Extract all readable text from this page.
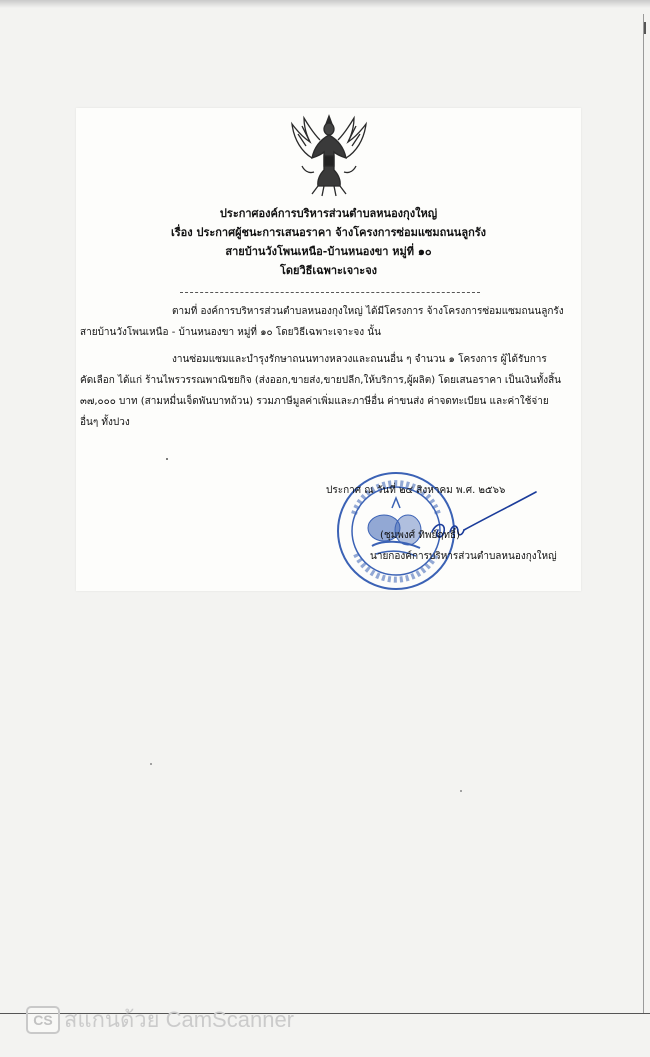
ประกาศองค์การบริหารส่วนตำบลหนองกุงใหญ่
เรื่อง ประกาศผู้ชนะการเสนอราคา จ้างโครงการซ่อมแซมถนนลูกรัง
สายบ้านวังโพนเหนือ-บ้านหนองขา หมู่ที่ ๑๐
โดยวิธีเฉพาะเจาะจง
ตามที่ องค์การบริหารส่วนตำบลหนองกุงใหญ่ ได้มีโครงการ จ้างโครงการซ่อมแซมถนนลูกรัง
สายบ้านวังโพนเหนือ - บ้านหนองขา หมู่ที่ ๑๐ โดยวิธีเฉพาะเจาะจง นั้น
งานซ่อมแซมและบำรุงรักษาถนนทางหลวงและถนนอื่น ๆ จำนวน ๑ โครงการ ผู้ได้รับการ
คัดเลือก ได้แก่ ร้านไพรวรรณพาณิชยกิจ (ส่งออก,ขายส่ง,ขายปลีก,ให้บริการ,ผู้ผลิต) โดยเสนอราคา เป็นเงินทั้งสิ้น
๓๗,๐๐๐ บาท (สามหมื่นเจ็ดพันบาทถ้วน) รวมภาษีมูลค่าเพิ่มและภาษีอื่น ค่าขนส่ง ค่าจดทะเบียน และค่าใช้จ่าย
อื่นๆ ทั้งปวง
ประกาศ ณ วันที่ ๒๔ สิงหาคม พ.ศ. ๒๕๖๖
(ชุมพงศ์ ทิพย์ฤทธิ์)
นายกองค์การบริหารส่วนตำบลหนองกุงใหญ่
CS สแกนด้วย CamScanner
